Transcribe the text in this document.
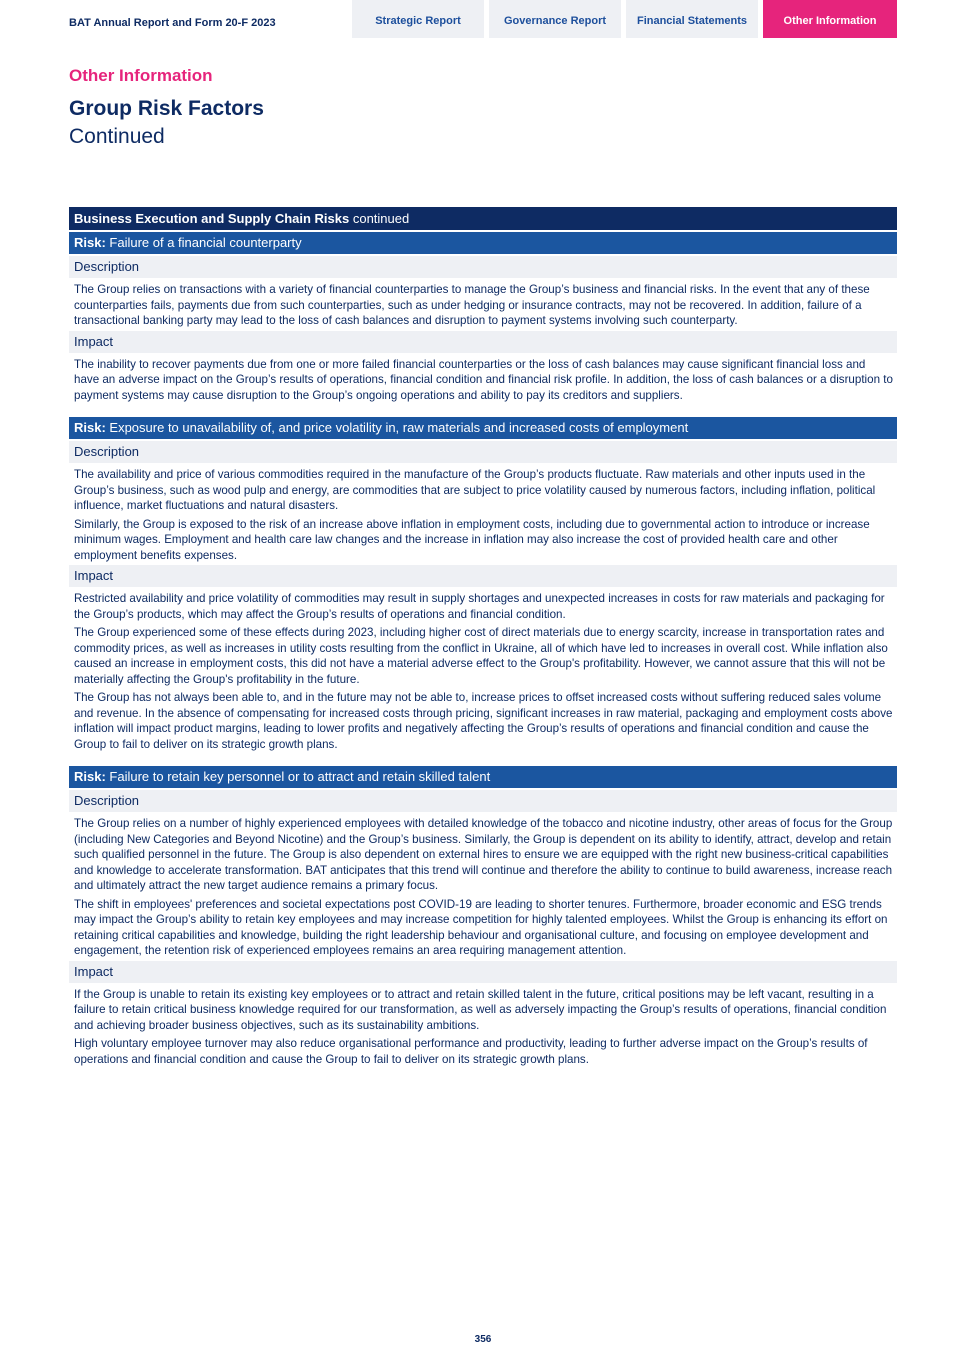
BAT Annual Report and Form 20-F 2023	Strategic Report	Governance Report	Financial Statements	Other Information
Other Information
Group Risk Factors
Continued
Business Execution and Supply Chain Risks continued
Risk: Failure of a financial counterparty
Description
The Group relies on transactions with a variety of financial counterparties to manage the Group’s business and financial risks. In the event that any of these counterparties fails, payments due from such counterparties, such as under hedging or insurance contracts, may not be recovered. In addition, failure of a transactional banking party may lead to the loss of cash balances and disruption to payment systems involving such counterparty.
Impact
The inability to recover payments due from one or more failed financial counterparties or the loss of cash balances may cause significant financial loss and have an adverse impact on the Group’s results of operations, financial condition and financial risk profile. In addition, the loss of cash balances or a disruption to payment systems may cause disruption to the Group’s ongoing operations and ability to pay its creditors and suppliers.
Risk: Exposure to unavailability of, and price volatility in, raw materials and increased costs of employment
Description
The availability and price of various commodities required in the manufacture of the Group’s products fluctuate. Raw materials and other inputs used in the Group’s business, such as wood pulp and energy, are commodities that are subject to price volatility caused by numerous factors, including inflation, political influence, market fluctuations and natural disasters.
Similarly, the Group is exposed to the risk of an increase above inflation in employment costs, including due to governmental action to introduce or increase minimum wages. Employment and health care law changes and the increase in inflation may also increase the cost of provided health care and other employment benefits expenses.
Impact
Restricted availability and price volatility of commodities may result in supply shortages and unexpected increases in costs for raw materials and packaging for the Group’s products, which may affect the Group’s results of operations and financial condition.
The Group experienced some of these effects during 2023, including higher cost of direct materials due to energy scarcity, increase in transportation rates and commodity prices, as well as increases in utility costs resulting from the conflict in Ukraine, all of which have led to increases in overall cost. While inflation also caused an increase in employment costs, this did not have a material adverse effect to the Group's profitability. However, we cannot assure that this will not be materially affecting the Group's profitability in the future.
The Group has not always been able to, and in the future may not be able to, increase prices to offset increased costs without suffering reduced sales volume and revenue. In the absence of compensating for increased costs through pricing, significant increases in raw material, packaging and employment costs above inflation will impact product margins, leading to lower profits and negatively affecting the Group’s results of operations and financial condition and cause the Group to fail to deliver on its strategic growth plans.
Risk: Failure to retain key personnel or to attract and retain skilled talent
Description
The Group relies on a number of highly experienced employees with detailed knowledge of the tobacco and nicotine industry, other areas of focus for the Group (including New Categories and Beyond Nicotine) and the Group’s business. Similarly, the Group is dependent on its ability to identify, attract, develop and retain such qualified personnel in the future. The Group is also dependent on external hires to ensure we are equipped with the right new business-critical capabilities and knowledge to accelerate transformation. BAT anticipates that this trend will continue and therefore the ability to continue to build awareness, increase reach and ultimately attract the new target audience remains a primary focus.
The shift in employees' preferences and societal expectations post COVID-19 are leading to shorter tenures. Furthermore, broader economic and ESG trends may impact the Group’s ability to retain key employees and may increase competition for highly talented employees. Whilst the Group is enhancing its effort on retaining critical capabilities and knowledge, building the right leadership behaviour and organisational culture, and focusing on employee development and engagement, the retention risk of experienced employees remains an area requiring management attention.
Impact
If the Group is unable to retain its existing key employees or to attract and retain skilled talent in the future, critical positions may be left vacant, resulting in a failure to retain critical business knowledge required for our transformation, as well as adversely impacting the Group’s results of operations, financial condition and achieving broader business objectives, such as its sustainability ambitions.
High voluntary employee turnover may also reduce organisational performance and productivity, leading to further adverse impact on the Group’s results of operations and financial condition and cause the Group to fail to deliver on its strategic growth plans.
356
